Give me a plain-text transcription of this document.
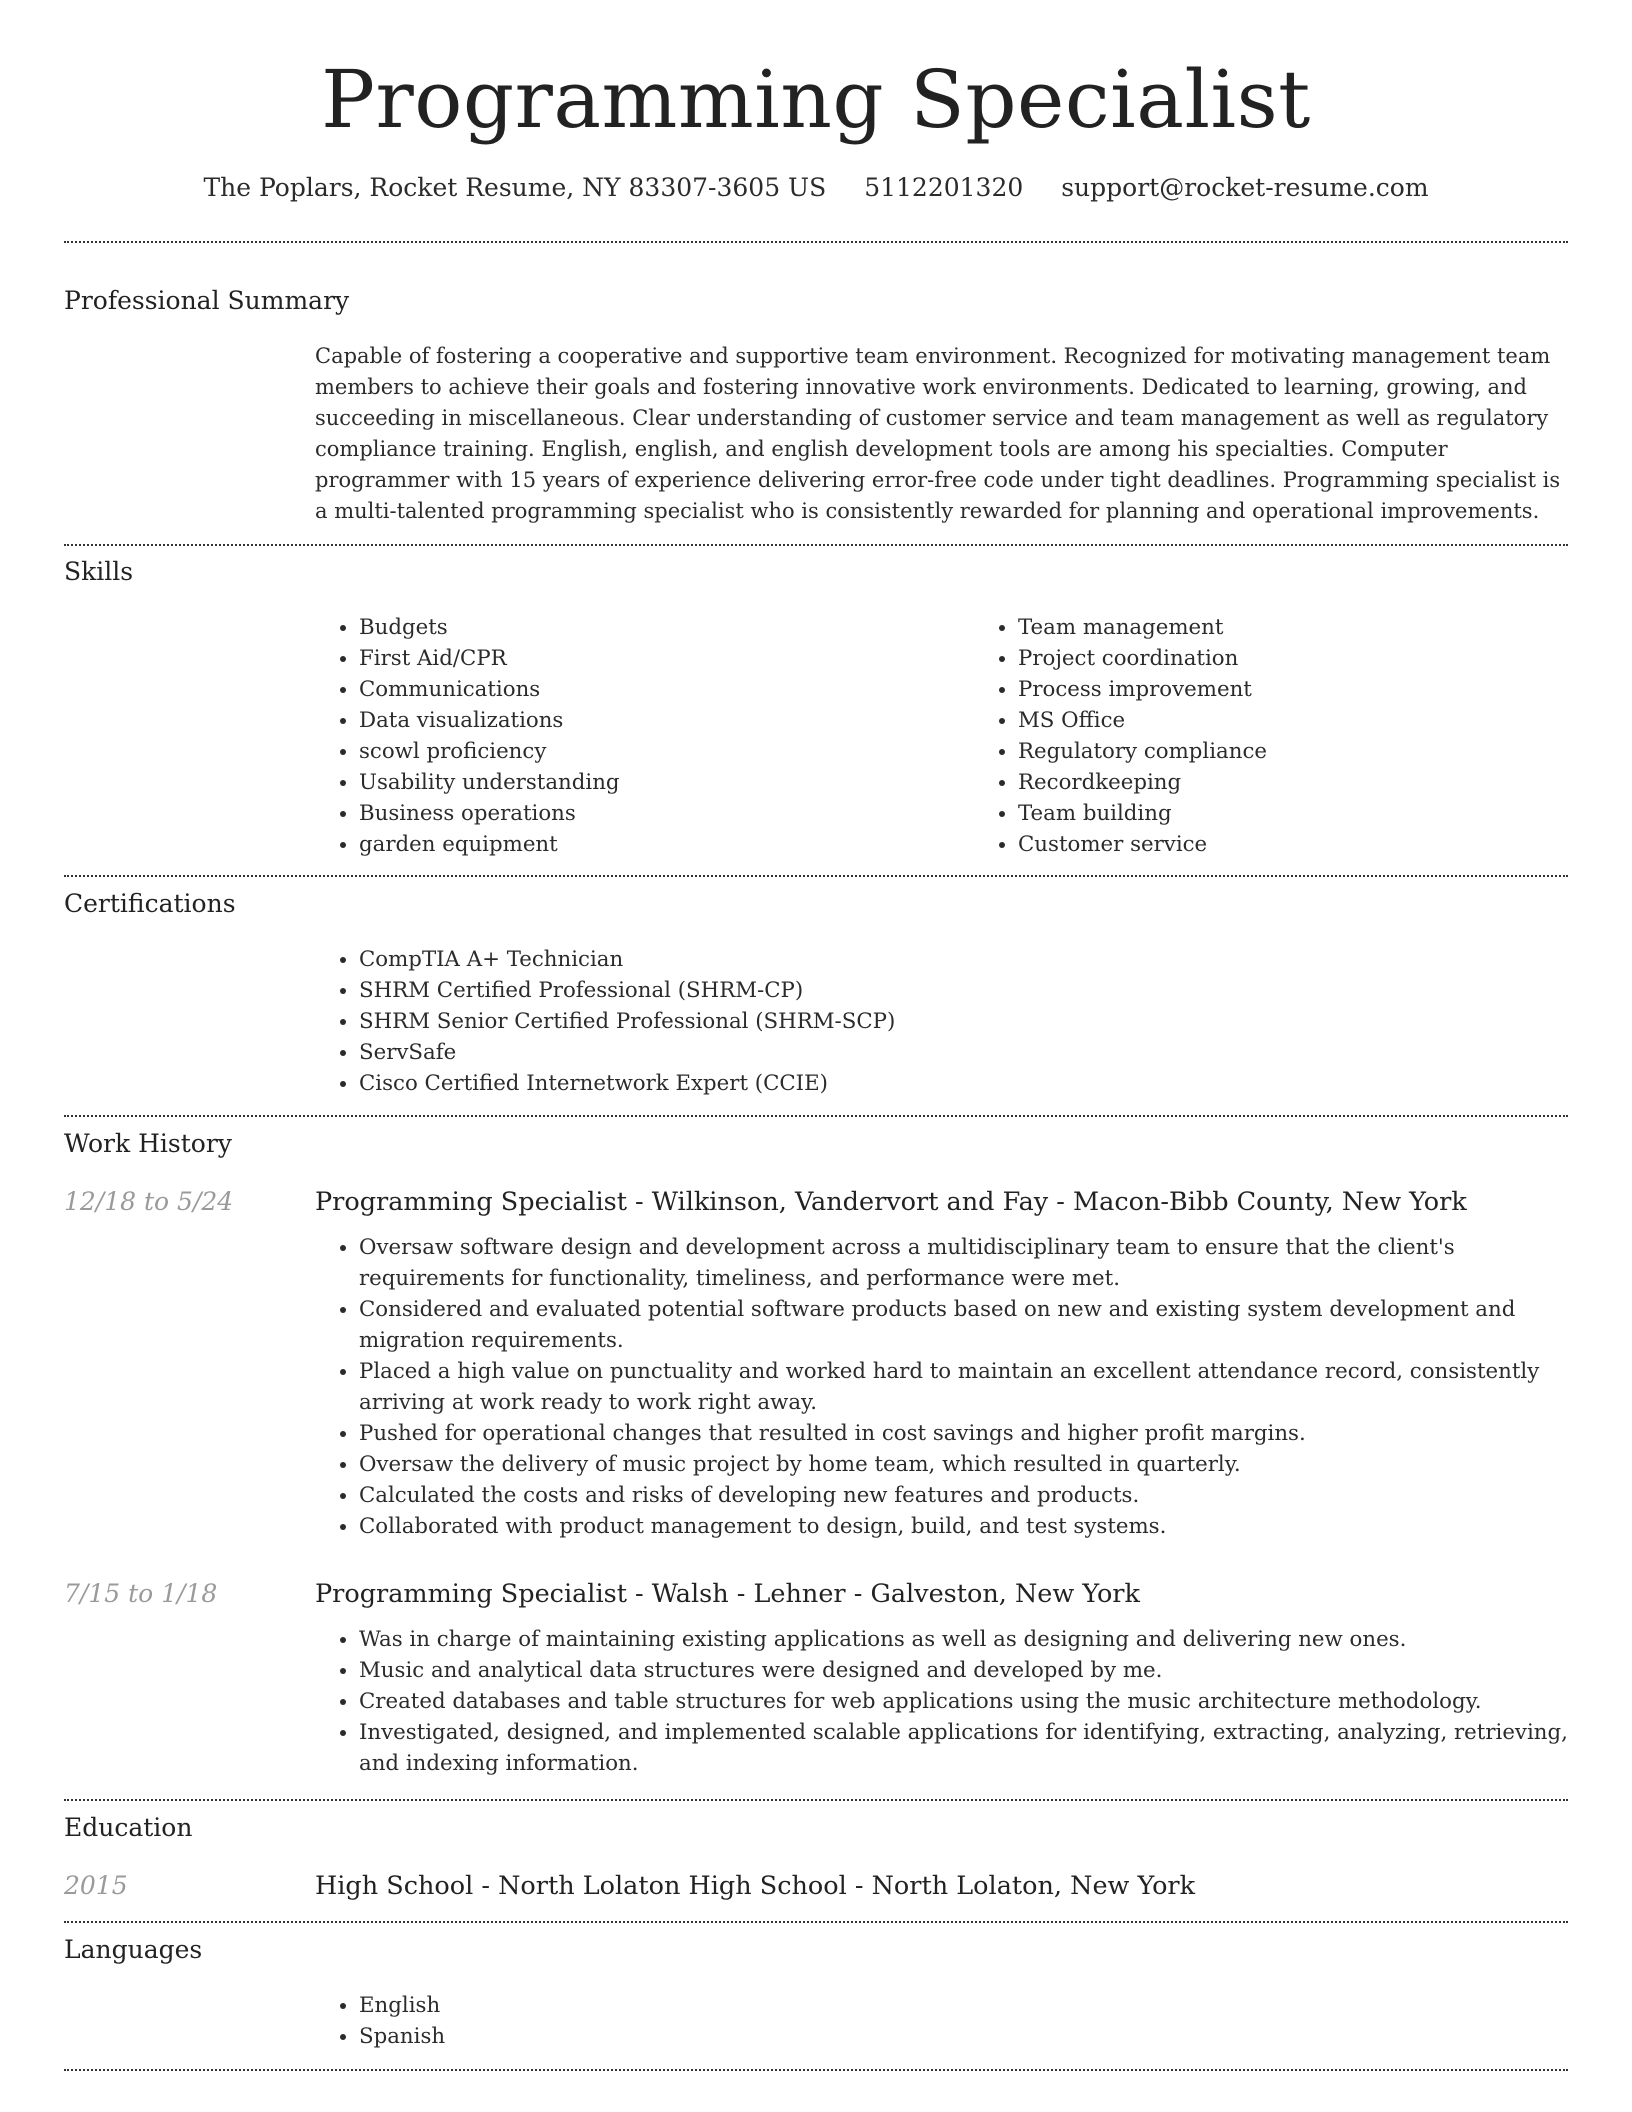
Programming Specialist
The Poplars, Rocket Resume, NY 83307-3605 US 5112201320 support@rocket-resume.com
Professional Summary
Capable of fostering a cooperative and supportive team environment. Recognized for motivating management team members to achieve their goals and fostering innovative work environments. Dedicated to learning, growing, and succeeding in miscellaneous. Clear understanding of customer service and team management as well as regulatory compliance training. English, english, and english development tools are among his specialties. Computer programmer with 15 years of experience delivering error-free code under tight deadlines. Programming specialist is a multi-talented programming specialist who is consistently rewarded for planning and operational improvements.
Skills
• Budgets
• First Aid/CPR
• Communications
• Data visualizations
• scowl proficiency
• Usability understanding
• Business operations
• garden equipment
• Team management
• Project coordination
• Process improvement
• MS Office
• Regulatory compliance
• Recordkeeping
• Team building
• Customer service
Certifications
• CompTIA A+ Technician
• SHRM Certified Professional (SHRM-CP)
• SHRM Senior Certified Professional (SHRM-SCP)
• ServSafe
• Cisco Certified Internetwork Expert (CCIE)
Work History
12/18 to 5/24	Programming Specialist - Wilkinson, Vandervort and Fay - Macon-Bibb County, New York
• Oversaw software design and development across a multidisciplinary team to ensure that the client's requirements for functionality, timeliness, and performance were met.
• Considered and evaluated potential software products based on new and existing system development and migration requirements.
• Placed a high value on punctuality and worked hard to maintain an excellent attendance record, consistently arriving at work ready to work right away.
• Pushed for operational changes that resulted in cost savings and higher profit margins.
• Oversaw the delivery of music project by home team, which resulted in quarterly.
• Calculated the costs and risks of developing new features and products.
• Collaborated with product management to design, build, and test systems.
7/15 to 1/18	Programming Specialist - Walsh - Lehner - Galveston, New York
• Was in charge of maintaining existing applications as well as designing and delivering new ones.
• Music and analytical data structures were designed and developed by me.
• Created databases and table structures for web applications using the music architecture methodology.
• Investigated, designed, and implemented scalable applications for identifying, extracting, analyzing, retrieving, and indexing information.
Education
2015	High School - North Lolaton High School - North Lolaton, New York
Languages
• English
• Spanish
